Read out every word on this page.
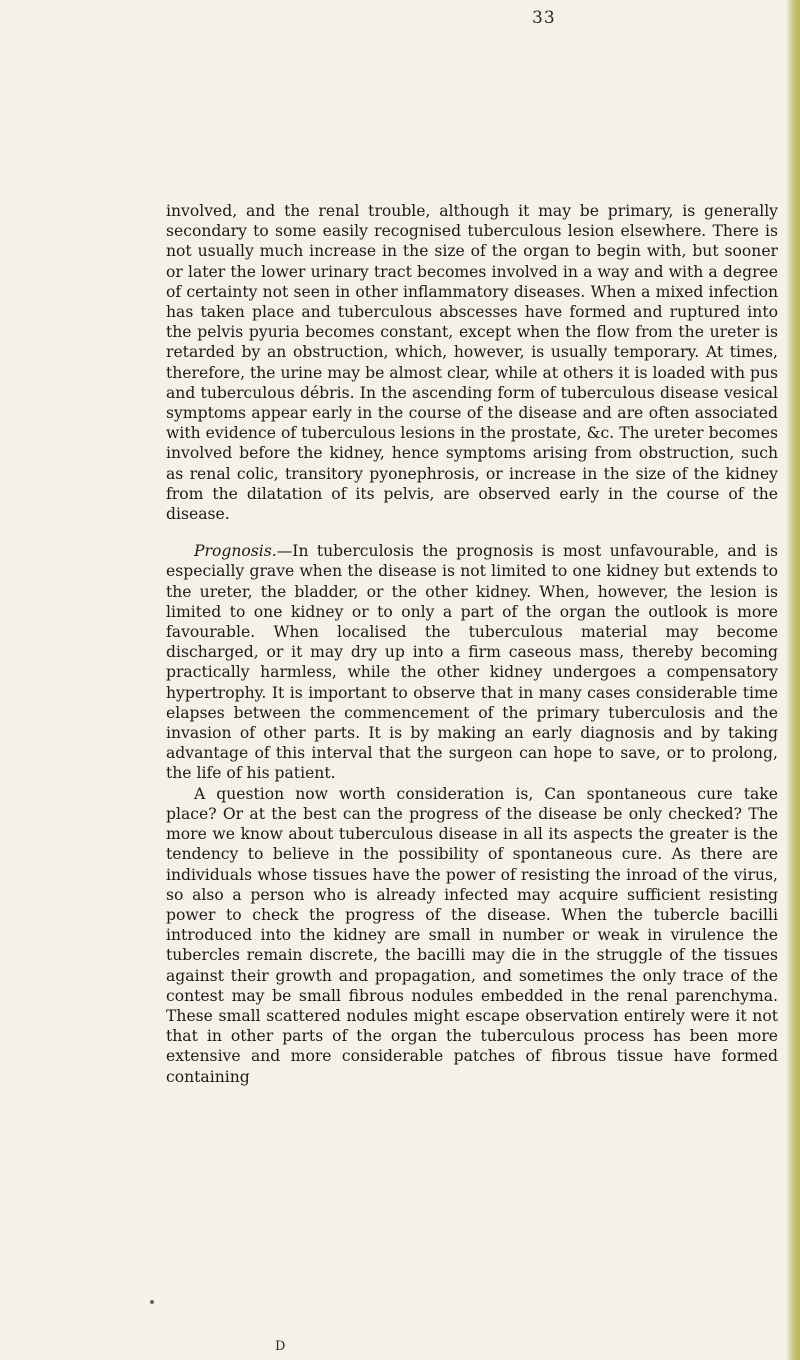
33

involved, and the renal trouble, although it may be primary, is generally secondary to some easily recognised tuberculous lesion elsewhere. There is not usually much increase in the size of the organ to begin with, but sooner or later the lower urinary tract becomes involved in a way and with a degree of certainty not seen in other inflammatory diseases. When a mixed infection has taken place and tuberculous abscesses have formed and ruptured into the pelvis pyuria becomes constant, except when the flow from the ureter is retarded by an obstruction, which, however, is usually temporary. At times, therefore, the urine may be almost clear, while at others it is loaded with pus and tuberculous débris. In the ascending form of tuberculous disease vesical symptoms appear early in the course of the disease and are often associated with evidence of tuberculous lesions in the prostate, &c. The ureter becomes involved before the kidney, hence symptoms arising from obstruction, such as renal colic, transitory pyonephrosis, or increase in the size of the kidney from the dilatation of its pelvis, are observed early in the course of the disease.

Prognosis.—In tuberculosis the prognosis is most unfavourable, and is especially grave when the disease is not limited to one kidney but extends to the ureter, the bladder, or the other kidney. When, however, the lesion is limited to one kidney or to only a part of the organ the outlook is more favourable. When localised the tuberculous material may become discharged, or it may dry up into a firm caseous mass, thereby becoming practically harmless, while the other kidney undergoes a compensatory hypertrophy. It is important to observe that in many cases considerable time elapses between the commencement of the primary tuberculosis and the invasion of other parts. It is by making an early diagnosis and by taking advantage of this interval that the surgeon can hope to save, or to prolong, the life of his patient.

A question now worth consideration is, Can spontaneous cure take place? Or at the best can the progress of the disease be only checked? The more we know about tuberculous disease in all its aspects the greater is the tendency to believe in the possibility of spontaneous cure. As there are individuals whose tissues have the power of resisting the inroad of the virus, so also a person who is already infected may acquire sufficient resisting power to check the progress of the disease. When the tubercle bacilli introduced into the kidney are small in number or weak in virulence the tubercles remain discrete, the bacilli may die in the struggle of the tissues against their growth and propagation, and sometimes the only trace of the contest may be small fibrous nodules embedded in the renal parenchyma. These small scattered nodules might escape observation entirely were it not that in other parts of the organ the tuberculous process has been more extensive and more considerable patches of fibrous tissue have formed containing

D
